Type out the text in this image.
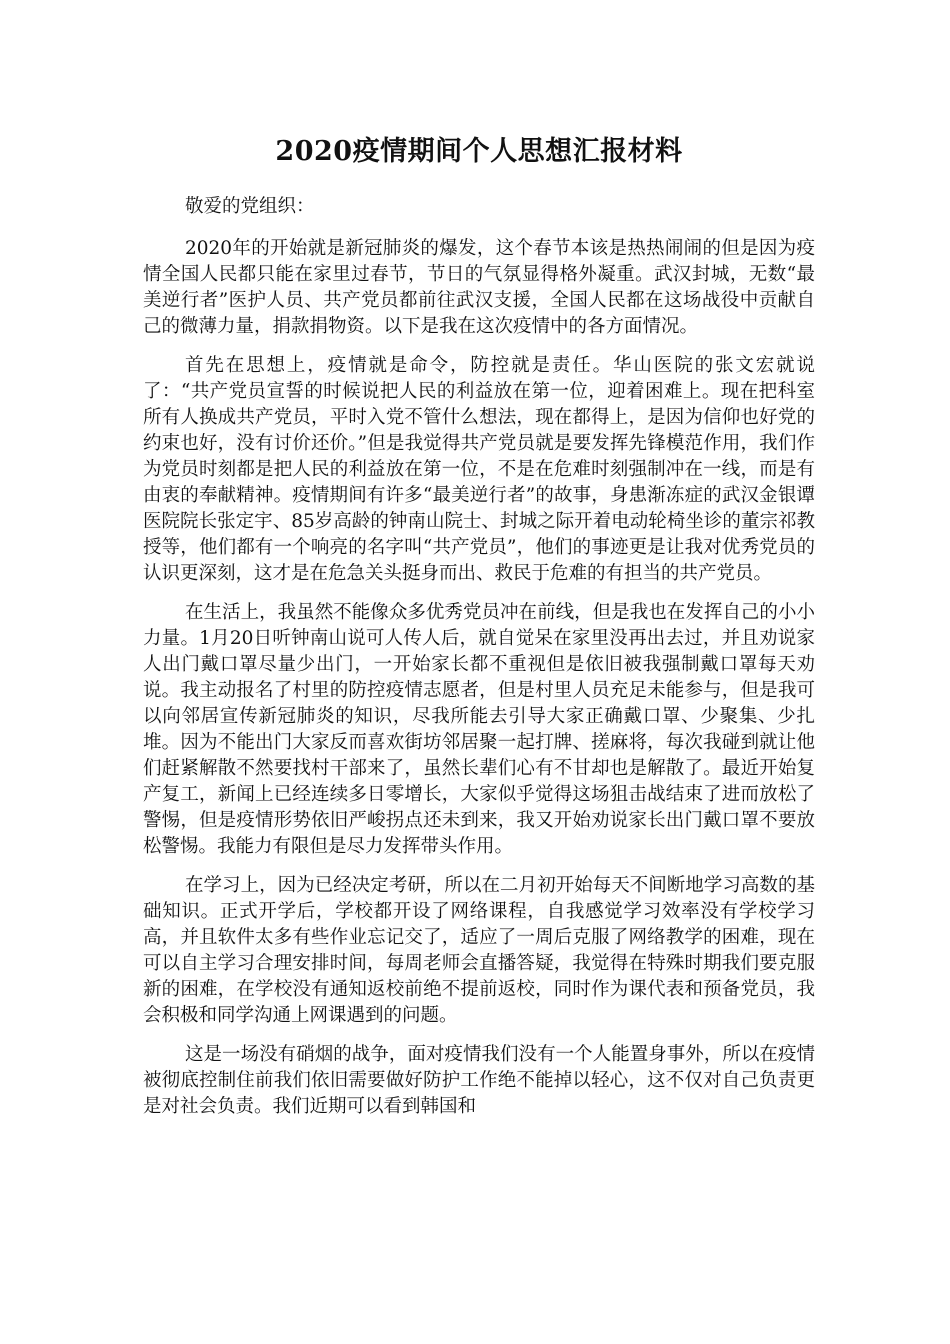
2020疫情期间个人思想汇报材料

敬爱的党组织：

2020年的开始就是新冠肺炎的爆发，这个春节本该是热热闹闹的但是因为疫情全国人民都只能在家里过春节，节日的气氛显得格外凝重。武汉封城，无数“最美逆行者”医护人员、共产党员都前往武汉支援，全国人民都在这场战役中贡献自己的微薄力量，捐款捐物资。以下是我在这次疫情中的各方面情况。

首先在思想上，疫情就是命令，防控就是责任。华山医院的张文宏就说了：“共产党员宣誓的时候说把人民的利益放在第一位，迎着困难上。现在把科室所有人换成共产党员，平时入党不管什么想法，现在都得上，是因为信仰也好党的约束也好，没有讨价还价。”但是我觉得共产党员就是要发挥先锋模范作用，我们作为党员时刻都是把人民的利益放在第一位，不是在危难时刻强制冲在一线，而是有由衷的奉献精神。疫情期间有许多“最美逆行者”的故事，身患渐冻症的武汉金银谭医院院长张定宇、85岁高龄的钟南山院士、封城之际开着电动轮椅坐诊的董宗祁教授等，他们都有一个响亮的名字叫“共产党员”，他们的事迹更是让我对优秀党员的认识更深刻，这才是在危急关头挺身而出、救民于危难的有担当的共产党员。

在生活上，我虽然不能像众多优秀党员冲在前线，但是我也在发挥自己的小小力量。1月20日听钟南山说可人传人后，就自觉呆在家里没再出去过，并且劝说家人出门戴口罩尽量少出门，一开始家长都不重视但是依旧被我强制戴口罩每天劝说。我主动报名了村里的防控疫情志愿者，但是村里人员充足未能参与，但是我可以向邻居宣传新冠肺炎的知识，尽我所能去引导大家正确戴口罩、少聚集、少扎堆。因为不能出门大家反而喜欢街坊邻居聚一起打牌、搓麻将，每次我碰到就让他们赶紧解散不然要找村干部来了，虽然长辈们心有不甘却也是解散了。最近开始复产复工，新闻上已经连续多日零增长，大家似乎觉得这场狙击战结束了进而放松了警惕，但是疫情形势依旧严峻拐点还未到来，我又开始劝说家长出门戴口罩不要放松警惕。我能力有限但是尽力发挥带头作用。

在学习上，因为已经决定考研，所以在二月初开始每天不间断地学习高数的基础知识。正式开学后，学校都开设了网络课程，自我感觉学习效率没有学校学习高，并且软件太多有些作业忘记交了，适应了一周后克服了网络教学的困难，现在可以自主学习合理安排时间，每周老师会直播答疑，我觉得在特殊时期我们要克服新的困难，在学校没有通知返校前绝不提前返校，同时作为课代表和预备党员，我会积极和同学沟通上网课遇到的问题。

这是一场没有硝烟的战争，面对疫情我们没有一个人能置身事外，所以在疫情被彻底控制住前我们依旧需要做好防护工作绝不能掉以轻心，这不仅对自己负责更是对社会负责。我们近期可以看到韩国和
